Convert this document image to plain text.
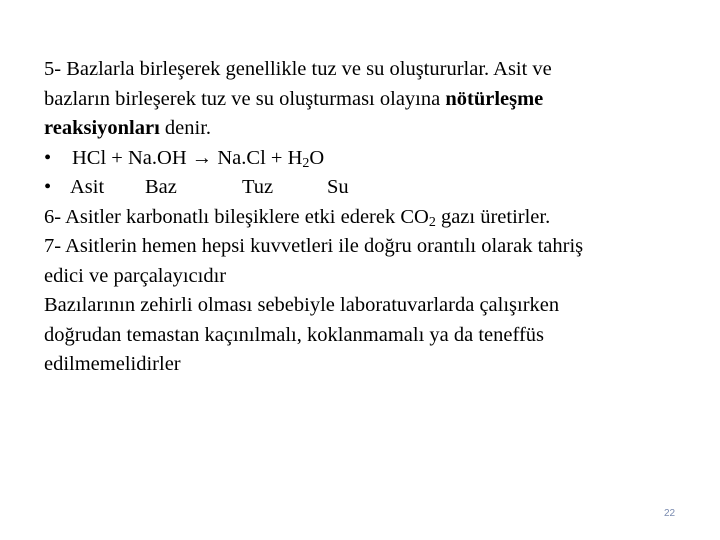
5- Bazlarla birleşerek genellikle tuz ve su oluştururlar. Asit ve
bazların birleşerek tuz ve su oluşturması olayına nötürleşme
reaksiyonları denir.
• HCl + $Na.OH \to Na.Cl + H_2O$
• Asit Baz	Tuz	Su
6- Asitler karbonatlı bileşiklere etki ederek $CO_2$ gazı üretirler.
7- Asitlerin hemen hepsi kuvvetleri ile doğru orantılı olarak tahriş
edici ve parçalayıcıdır
Bazılarının zehirli olması sebebiyle laboratuvarlarda çalışırken
doğrudan temastan kaçınılmalı, koklanmamalı ya da teneffüs
edilmemelidirler
22
